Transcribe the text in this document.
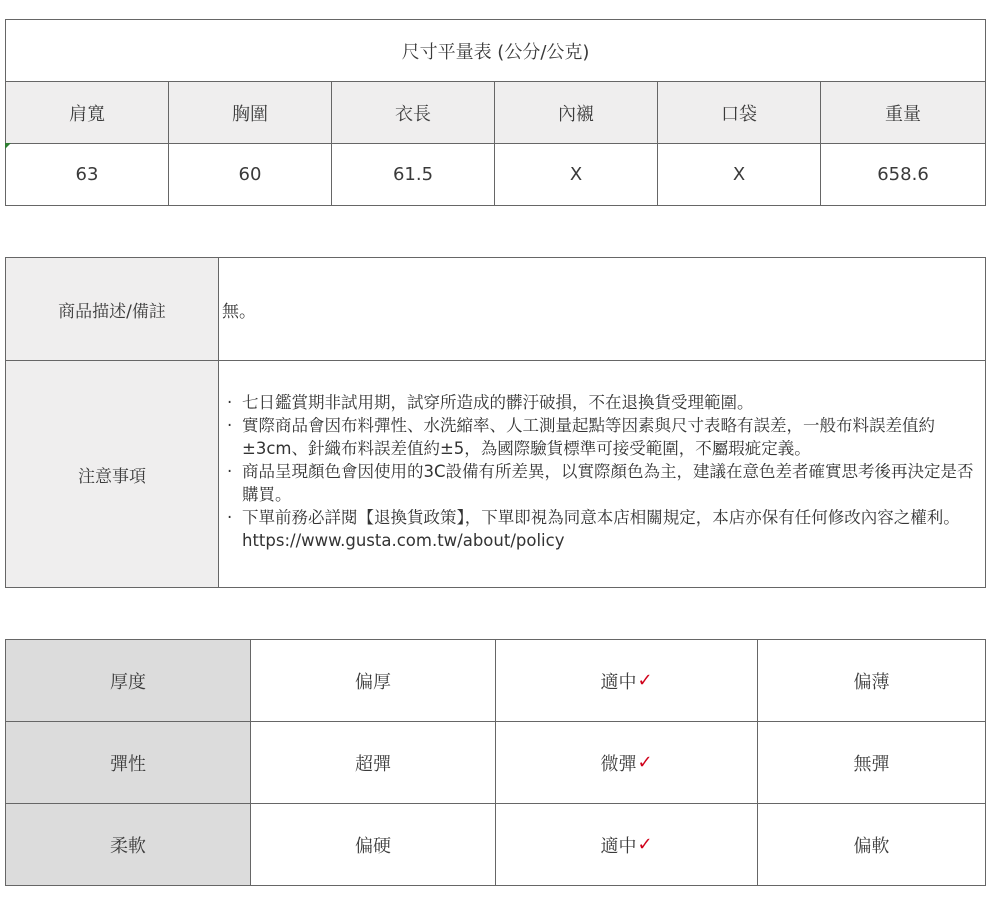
尺寸平量表 (公分/公克)
肩寬	胸圍	衣長	內襯	口袋	重量
63	60	61.5	X	X	658.6
商品描述/備註	無。
注意事項
· 七日鑑賞期非試用期，試穿所造成的髒汙破損，不在退換貨受理範圍。
· 實際商品會因布料彈性、水洗縮率、人工測量起點等因素與尺寸表略有誤差，一般布料誤差值約±3cm、針織布料誤差值約±5，為國際驗貨標準可接受範圍，不屬瑕疵定義。
· 商品呈現顏色會因使用的3C設備有所差異，以實際顏色為主，建議在意色差者確實思考後再決定是否購買。
· 下單前務必詳閱【退換貨政策】，下單即視為同意本店相關規定，本店亦保有任何修改內容之權利。https://www.gusta.com.tw/about/policy
厚度	偏厚	適中 ✓	偏薄
彈性	超彈	微彈 ✓	無彈
柔軟	偏硬	適中 ✓	偏軟
